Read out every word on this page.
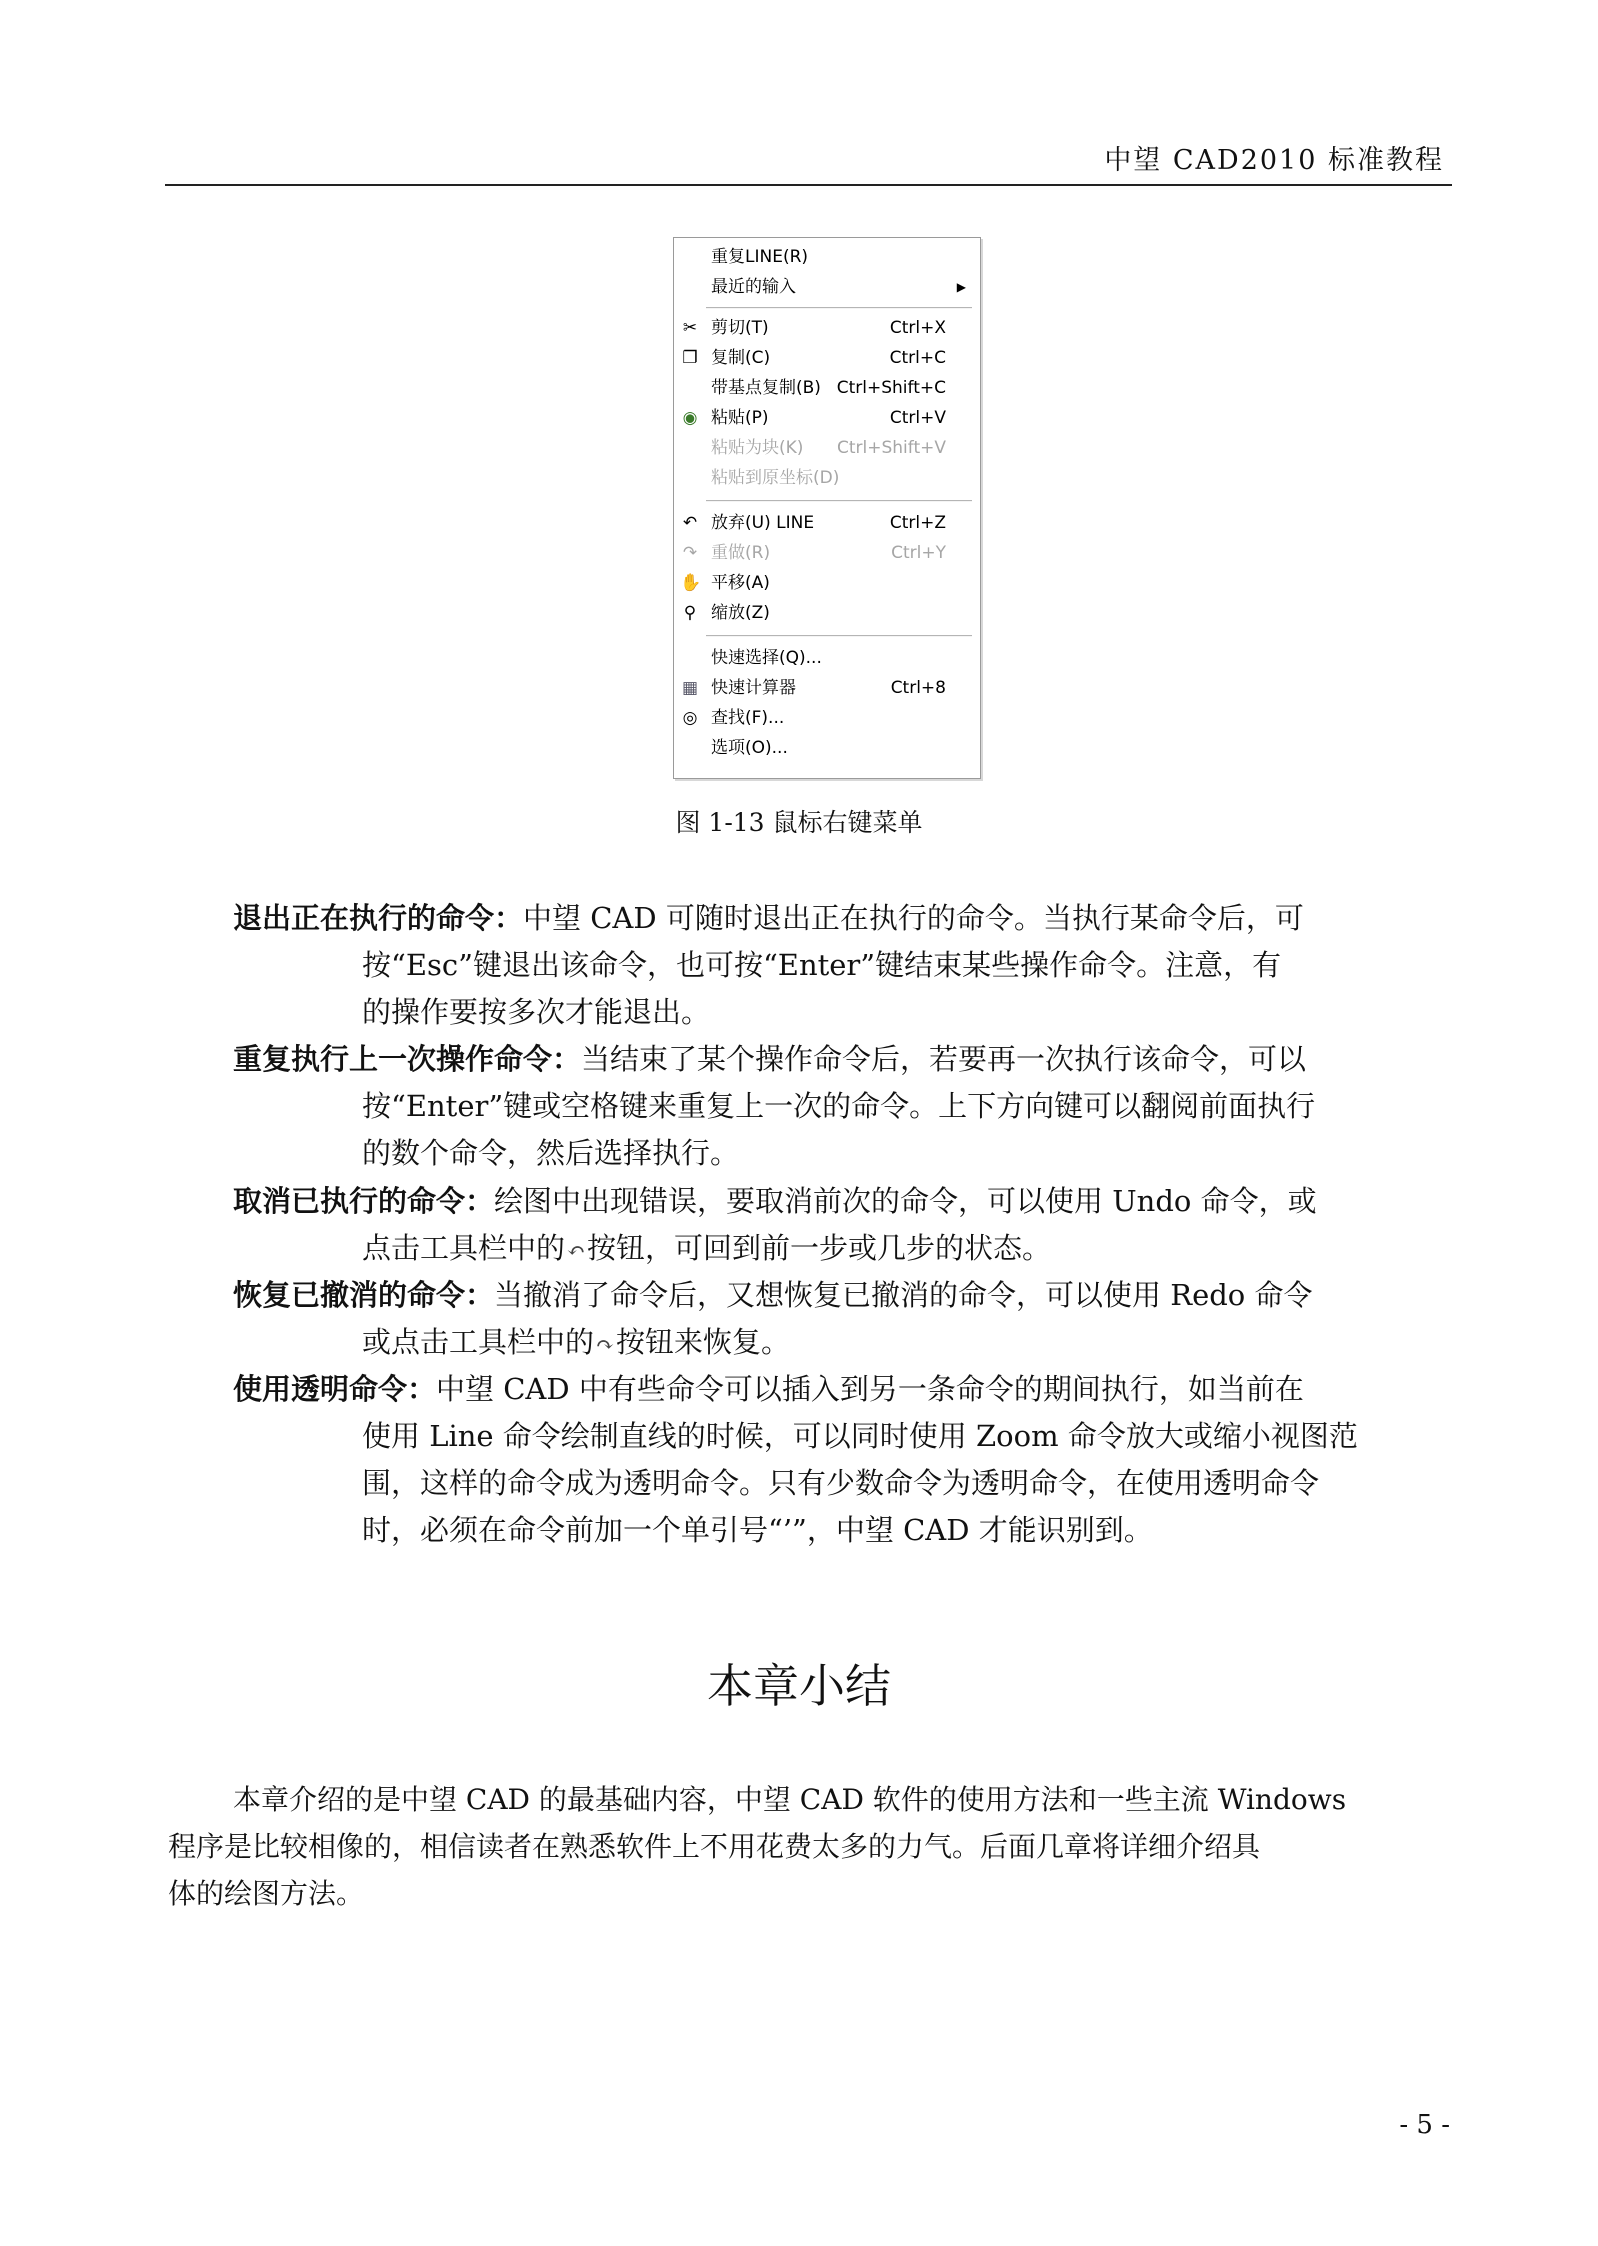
中望 CAD2010 标准教程
重复LINE(R)
最近的输入	▶
✂ 剪切(T)	Ctrl+X
❐ 复制(C)	Ctrl+C
带基点复制(B) Ctrl+Shift+C
◉ 粘贴(P)	Ctrl+V
粘贴为块(K) Ctrl+Shift+V
粘贴到原坐标(D)
↶ 放弃(U) LINE	Ctrl+Z
↷ 重做(R)	Ctrl+Y
✋ 平移(A)
⚲ 缩放(Z)
快速选择(Q)...
▦ 快速计算器	Ctrl+8
◎ 查找(F)...
选项(O)...
图 1-13 鼠标右键菜单
退出正在执行的命令：中望 CAD 可随时退出正在执行的命令。当执行某命令后，可
按“Esc”键退出该命令，也可按“Enter”键结束某些操作命令。注意，有
的操作要按多次才能退出。
重复执行上一次操作命令：当结束了某个操作命令后，若要再一次执行该命令，可以
按“Enter”键或空格键来重复上一次的命令。上下方向键可以翻阅前面执行
的数个命令，然后选择执行。
取消已执行的命令：绘图中出现错误，要取消前次的命令，可以使用 Undo 命令，或
点击工具栏中的↶按钮，可回到前一步或几步的状态。
恢复已撤消的命令：当撤消了命令后，又想恢复已撤消的命令，可以使用 Redo 命令
或点击工具栏中的↷按钮来恢复。
使用透明命令：中望 CAD 中有些命令可以插入到另一条命令的期间执行，如当前在
使用 Line 命令绘制直线的时候，可以同时使用 Zoom 命令放大或缩小视图范
围，这样的命令成为透明命令。只有少数命令为透明命令，在使用透明命令
时，必须在命令前加一个单引号“’”，中望 CAD 才能识别到。
本章小结
本章介绍的是中望 CAD 的最基础内容，中望 CAD 软件的使用方法和一些主流 Windows
程序是比较相像的，相信读者在熟悉软件上不用花费太多的力气。后面几章将详细介绍具
体的绘图方法。
- 5 -
